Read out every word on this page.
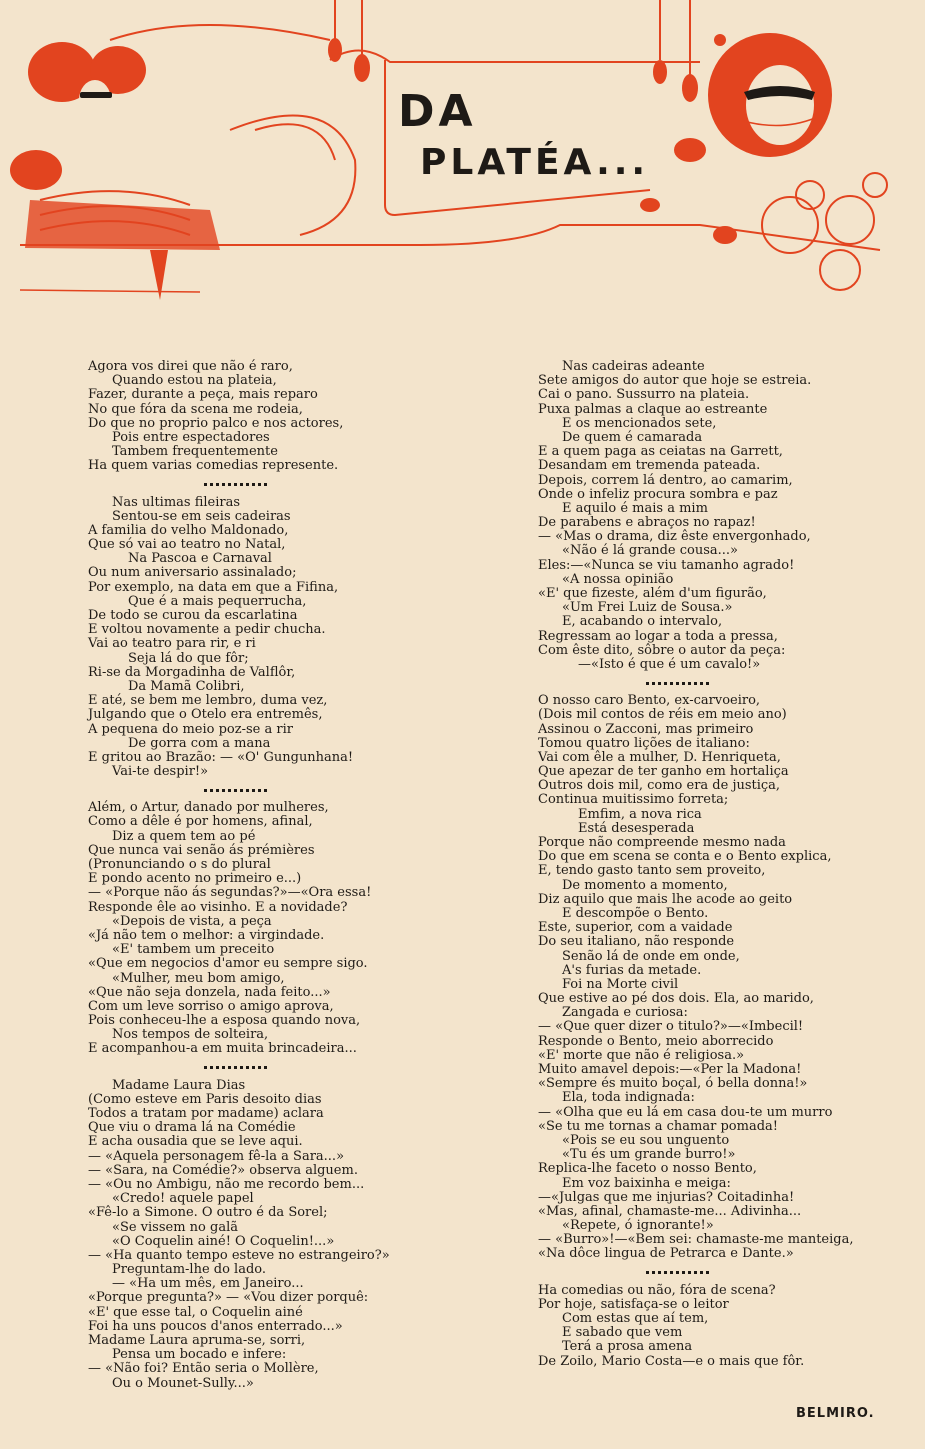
DA
PLATÉA...
Agora vos direi que não é raro,
Quando estou na plateia,
Fazer, durante a peça, mais reparo
No que fóra da scena me rodeia,
Do que no proprio palco e nos actores,
Pois entre espectadores
Tambem frequentemente
Ha quem varias comedias represente.
Nas ultimas fileiras
Sentou-se em seis cadeiras
A familia do velho Maldonado,
Que só vai ao teatro no Natal,
Na Pascoa e Carnaval
Ou num aniversario assinalado;
Por exemplo, na data em que a Fifina,
Que é a mais pequerrucha,
De todo se curou da escarlatina
E voltou novamente a pedir chucha.
Vai ao teatro para rir, e ri
Seja lá do que fôr;
Ri-se da Morgadinha de Valflôr,
Da Mamã Colibri,
E até, se bem me lembro, duma vez,
Julgando que o Otelo era entremês,
A pequena do meio poz-se a rir
De gorra com a mana
E gritou ao Brazão: — «O' Gungunhana!
Vai-te despir!»
Além, o Artur, danado por mulheres,
Como a dêle é por homens, afinal,
Diz a quem tem ao pé
Que nunca vai senão ás prémières
(Pronunciando o s do plural
E pondo acento no primeiro e...)
— «Porque não ás segundas?»—«Ora essa!
Responde êle ao visinho. E a novidade?
«Depois de vista, a peça
«Já não tem o melhor: a virgindade.
«E' tambem um preceito
«Que em negocios d'amor eu sempre sigo.
«Mulher, meu bom amigo,
«Que não seja donzela, nada feito...»
Com um leve sorriso o amigo aprova,
Pois conheceu-lhe a esposa quando nova,
Nos tempos de solteira,
E acompanhou-a em muita brincadeira...
Madame Laura Dias
(Como esteve em Paris desoito dias
Todos a tratam por madame) aclara
Que viu o drama lá na Comédie
E acha ousadia que se leve aqui.
— «Aquela personagem fê-la a Sara...»
— «Sara, na Comédie?» observa alguem.
— «Ou no Ambigu, não me recordo bem...
«Credo! aquele papel
«Fê-lo a Simone. O outro é da Sorel;
«Se vissem no galã
«O Coquelin ainé! O Coquelin!...»
— «Ha quanto tempo esteve no estrangeiro?»
Preguntam-lhe do lado.
— «Ha um mês, em Janeiro...
«Porque pregunta?» — «Vou dizer porquê:
«E' que esse tal, o Coquelin ainé
Foi ha uns poucos d'anos enterrado...»
Madame Laura apruma-se, sorri,
Pensa um bocado e infere:
— «Não foi? Então seria o Mollère,
Ou o Mounet-Sully...»
Nas cadeiras adeante
Sete amigos do autor que hoje se estreia.
Cai o pano. Sussurro na plateia.
Puxa palmas a claque ao estreante
E os mencionados sete,
De quem é camarada
E a quem paga as ceiatas na Garrett,
Desandam em tremenda pateada.
Depois, correm lá dentro, ao camarim,
Onde o infeliz procura sombra e paz
E aquilo é mais a mim
De parabens e abraços no rapaz!
— «Mas o drama, diz êste envergonhado,
«Não é lá grande cousa...»
Eles:—«Nunca se viu tamanho agrado!
«A nossa opinião
«E' que fizeste, além d'um figurão,
«Um Frei Luiz de Sousa.»
E, acabando o intervalo,
Regressam ao logar a toda a pressa,
Com êste dito, sôbre o autor da peça:
—«Isto é que é um cavalo!»
O nosso caro Bento, ex-carvoeiro,
(Dois mil contos de réis em meio ano)
Assinou o Zacconi, mas primeiro
Tomou quatro lições de italiano:
Vai com êle a mulher, D. Henriqueta,
Que apezar de ter ganho em hortaliça
Outros dois mil, como era de justiça,
Continua muitissimo forreta;
Emfim, a nova rica
Está desesperada
Porque não compreende mesmo nada
Do que em scena se conta e o Bento explica,
E, tendo gasto tanto sem proveito,
De momento a momento,
Diz aquilo que mais lhe acode ao geito
E descompõe o Bento.
Este, superior, com a vaidade
Do seu italiano, não responde
Senão lá de onde em onde,
A's furias da metade.
Foi na Morte civil
Que estive ao pé dos dois. Ela, ao marido,
Zangada e curiosa:
— «Que quer dizer o titulo?»—«Imbecil!
Responde o Bento, meio aborrecido
«E' morte que não é religiosa.»
Muito amavel depois:—«Per la Madona!
«Sempre és muito boçal, ó bella donna!»
Ela, toda indignada:
— «Olha que eu lá em casa dou-te um murro
«Se tu me tornas a chamar pomada!
«Pois se eu sou unguento
«Tu és um grande burro!»
Replica-lhe faceto o nosso Bento,
Em voz baixinha e meiga:
—«Julgas que me injurias? Coitadinha!
«Mas, afinal, chamaste-me... Adivinha...
«Repete, ó ignorante!»
— «Burro»!—«Bem sei: chamaste-me manteiga,
«Na dôce lingua de Petrarca e Dante.»
Ha comedias ou não, fóra de scena?
Por hoje, satisfaça-se o leitor
Com estas que aí tem,
E sabado que vem
Terá a prosa amena
De Zoilo, Mario Costa—e o mais que fôr.
BELMIRO.
